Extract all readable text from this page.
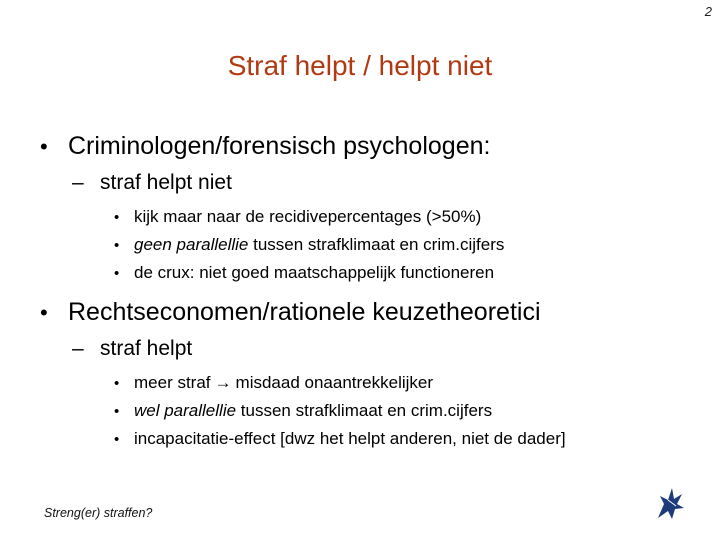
2
Straf helpt / helpt niet
• Criminologen/forensisch psychologen:
– straf helpt niet
• kijk maar naar de recidivepercentages (>50%)
• geen parallellie tussen strafklimaat en crim.cijfers
• de crux: niet goed maatschappelijk functioneren
• Rechtseconomen/rationele keuzetheoretici
– straf helpt
• meer straf → misdaad onaantrekkelijker
• wel parallellie tussen strafklimaat en crim.cijfers
• incapacitatie-effect [dwz het helpt anderen, niet de dader]
Streng(er) straffen?
